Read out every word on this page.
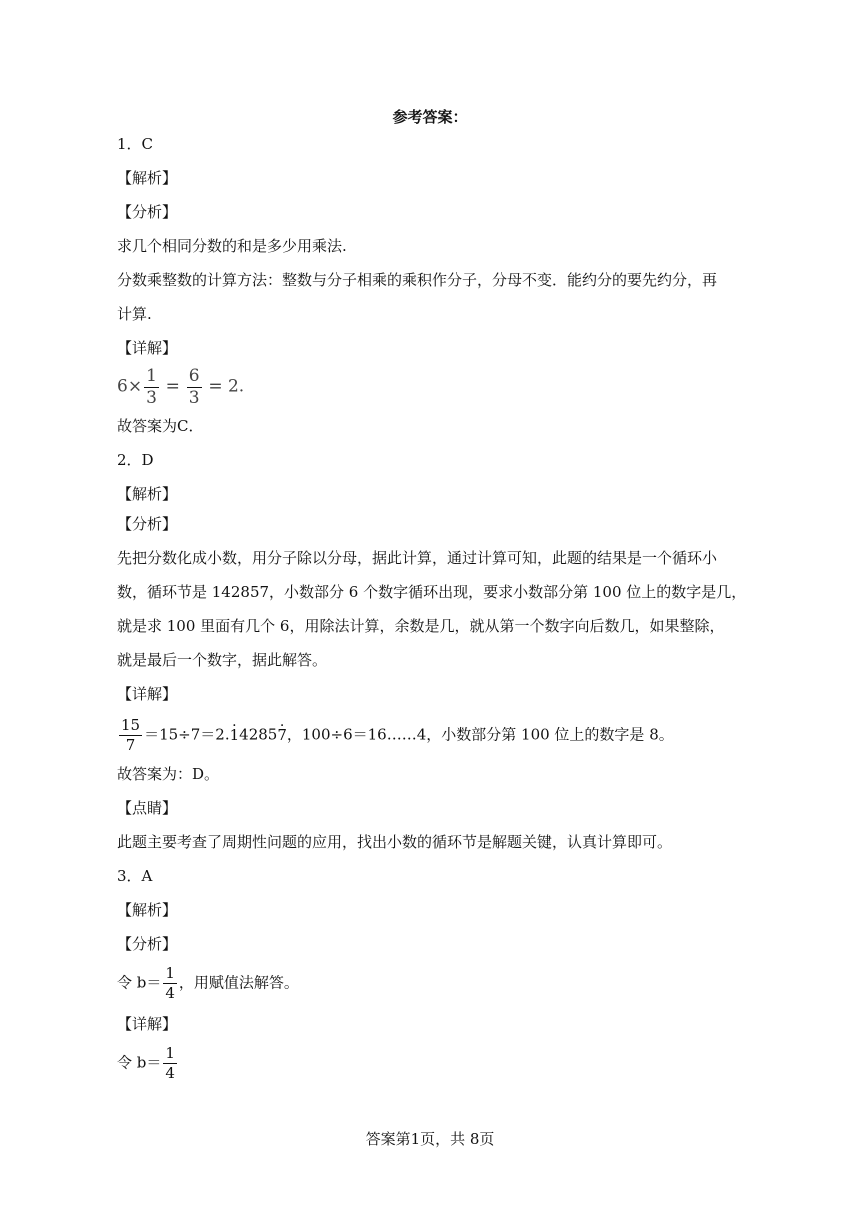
参考答案：
1．C
【解析】
【分析】
求几个相同分数的和是多少用乘法.
分数乘整数的计算方法：整数与分子相乘的乘积作分子，分母不变．能约分的要先约分，再
计算.
【详解】
$6\times \frac{1}{3} = \frac{6}{3} = 2$.
故答案为C．
2．D
【解析】
【分析】
先把分数化成小数，用分子除以分母，据此计算，通过计算可知，此题的结果是一个循环小
数，循环节是 142857，小数部分 6 个数字循环出现，要求小数部分第 100 位上的数字是几，
就是求 100 里面有几个 6，用除法计算，余数是几，就从第一个数字向后数几，如果整除，
就是最后一个数字，据此解答。
【详解】
$\frac{15}{7} =15\div 7=2.\cdot 14285\cdot 7$，100÷6＝16……4，小数部分第 100 位上的数字是 8。
故答案为：D。
【点睛】
此题主要考查了周期性问题的应用，找出小数的循环节是解题关键，认真计算即可。
3．A
【解析】
【分析】
令 $b= \frac{1}{4}$ ，用赋值法解答。
【详解】
令 $b= \frac{1}{4}$
答案第1页，共 8页
